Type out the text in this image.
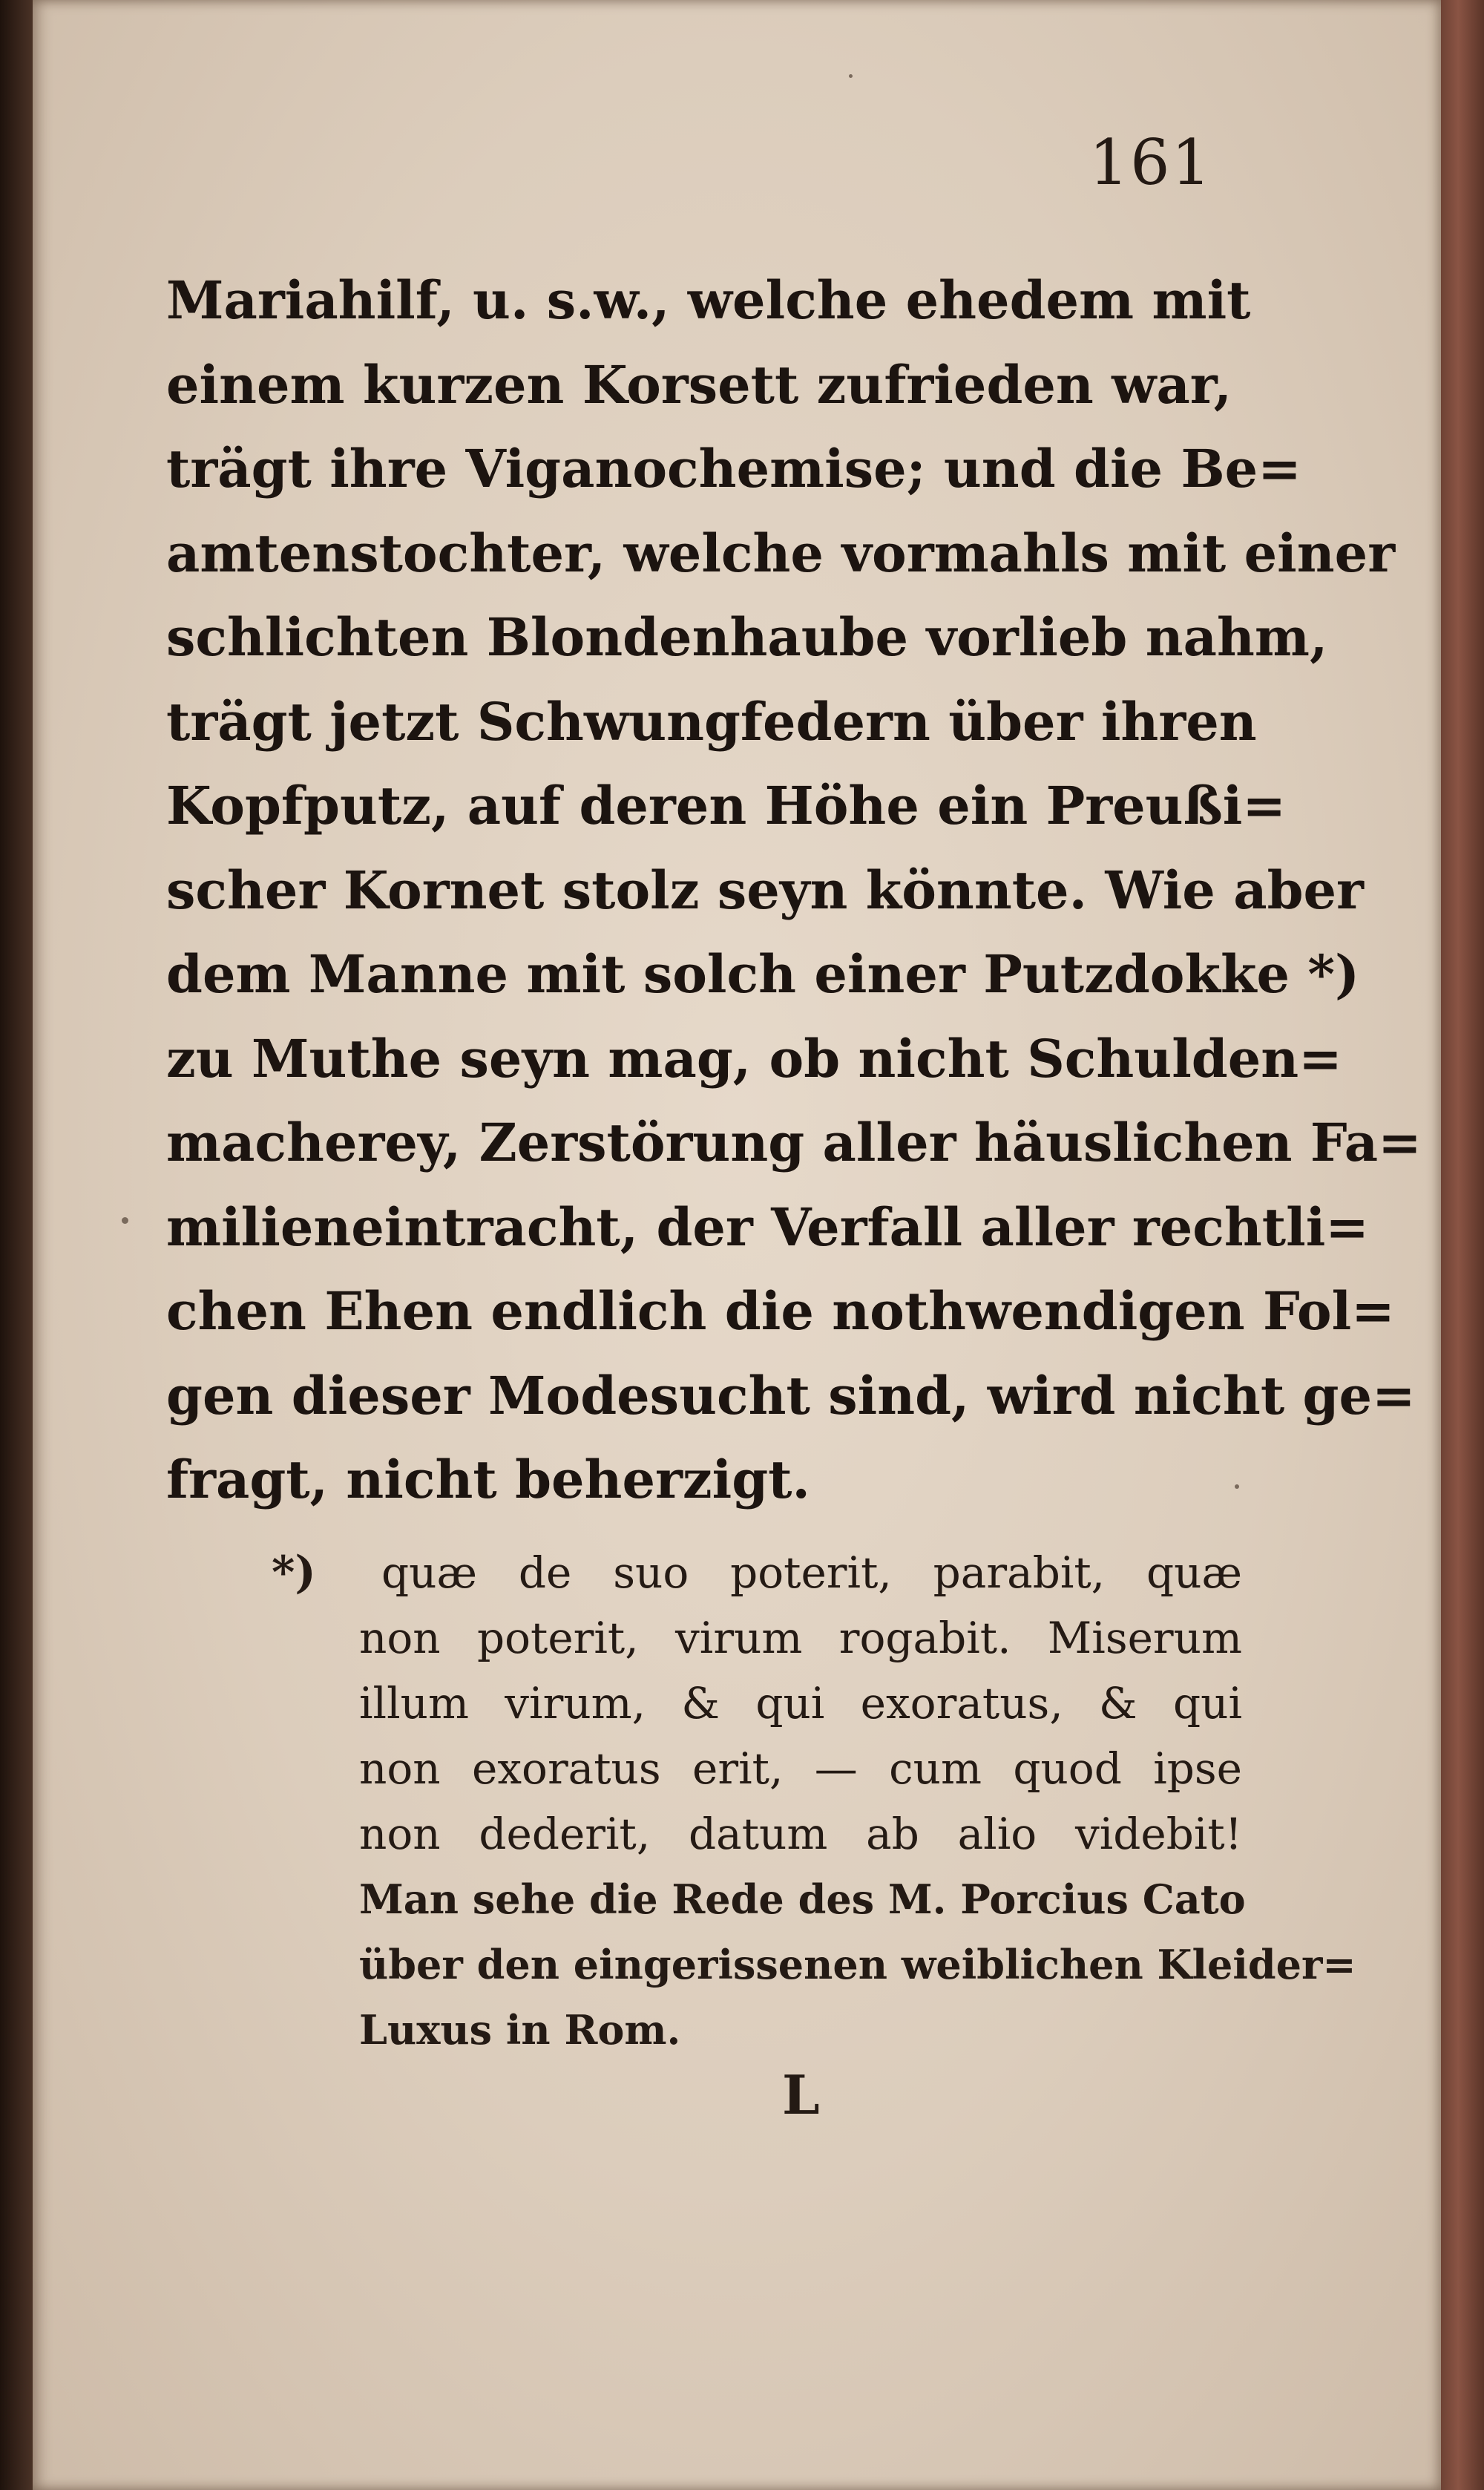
161
Mariahilf, u. s.w., welche ehedem mit
einem kurzen Korsett zufrieden war,
trägt ihre Viganochemise; und die Be=
amtenstochter, welche vormahls mit einer
schlichten Blondenhaube vorlieb nahm,
trägt jetzt Schwungfedern über ihren
Kopfputz, auf deren Höhe ein Preußi=
scher Kornet stolz seyn könnte. Wie aber
dem Manne mit solch einer Putzdokke *)
zu Muthe seyn mag, ob nicht Schulden=
macherey, Zerstörung aller häuslichen Fa=
milieneintracht, der Verfall aller rechtli=
chen Ehen endlich die nothwendigen Fol=
gen dieser Modesucht sind, wird nicht ge=
fragt, nicht beherzigt.
*)	quæ de suo poterit, parabit, quæ
non poterit, virum rogabit. Miserum
illum virum, & qui exoratus, & qui
non exoratus erit, — cum quod ipse
non dederit, datum ab alio videbit!
Man sehe die Rede des M. Porcius Cato
über den eingerissenen weiblichen Kleider=
Luxus in Rom.
L
